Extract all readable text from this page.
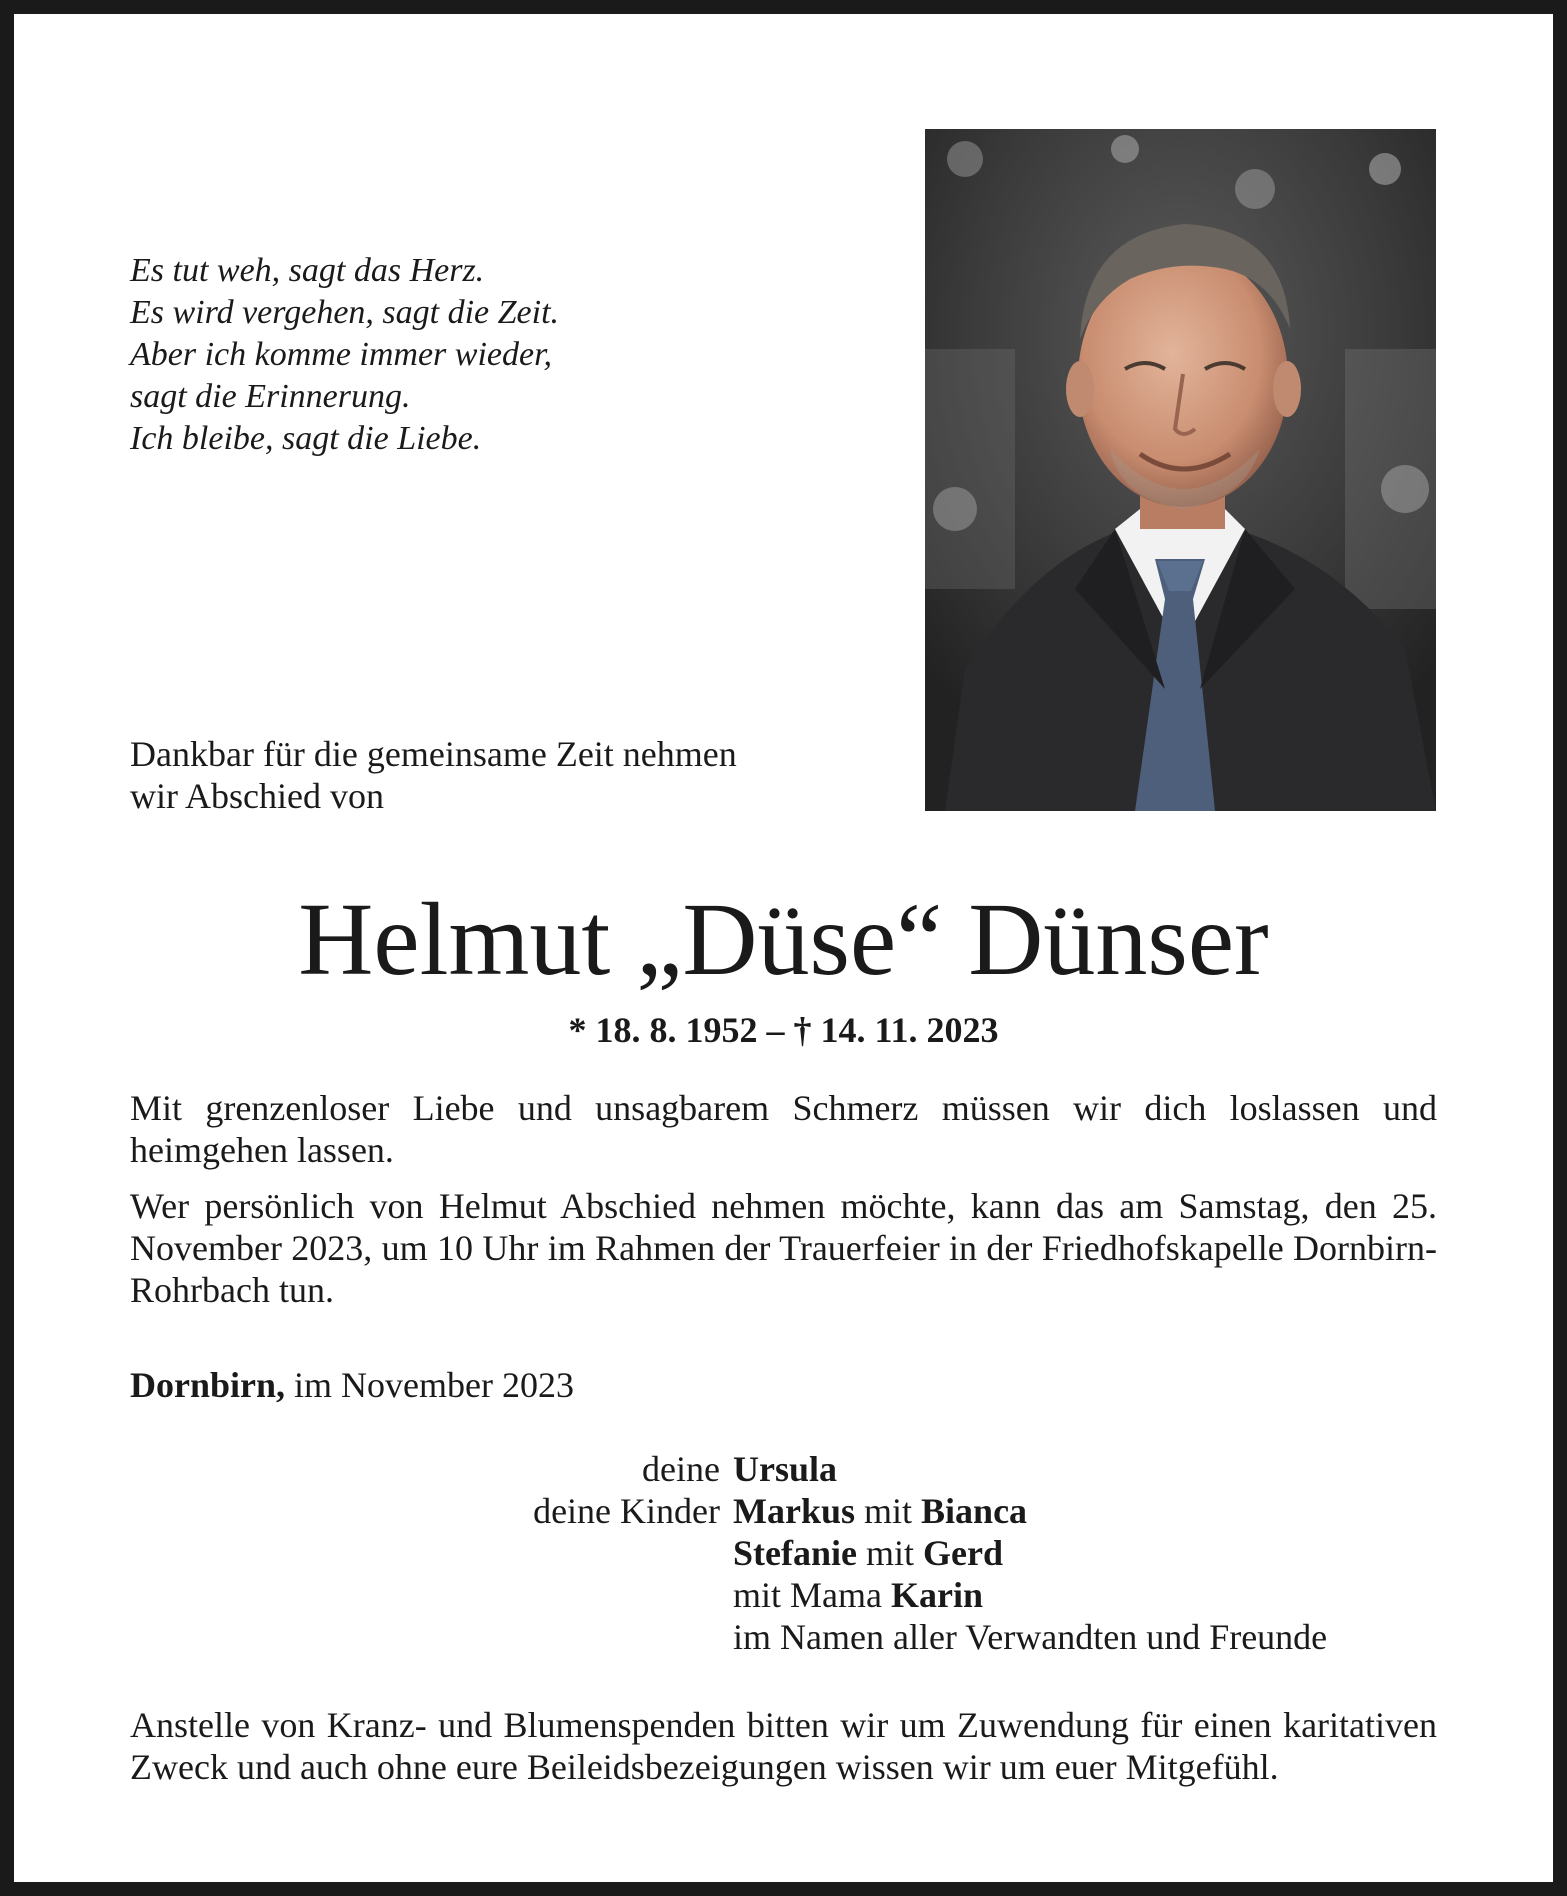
Es tut weh, sagt das Herz.
Es wird vergehen, sagt die Zeit.
Aber ich komme immer wieder,
sagt die Erinnerung.
Ich bleibe, sagt die Liebe.
Dankbar für die gemeinsame Zeit nehmen
wir Abschied von
Helmut „Düse“ Dünser
* 18. 8. 1952 – † 14. 11. 2023
Mit grenzenloser Liebe und unsagbarem Schmerz müssen wir dich loslassen und heimgehen lassen.
Wer persönlich von Helmut Abschied nehmen möchte, kann das am Samstag, den 25. November 2023, um 10 Uhr im Rahmen der Trauerfeier in der Friedhofskapelle Dornbirn-Rohrbach tun.
Dornbirn, im November 2023
deine Ursula
deine Kinder Markus mit Bianca
Stefanie mit Gerd
mit Mama Karin
im Namen aller Verwandten und Freunde
Anstelle von Kranz- und Blumenspenden bitten wir um Zuwendung für einen karitativen Zweck und auch ohne eure Beileidsbezeigungen wissen wir um euer Mitgefühl.
